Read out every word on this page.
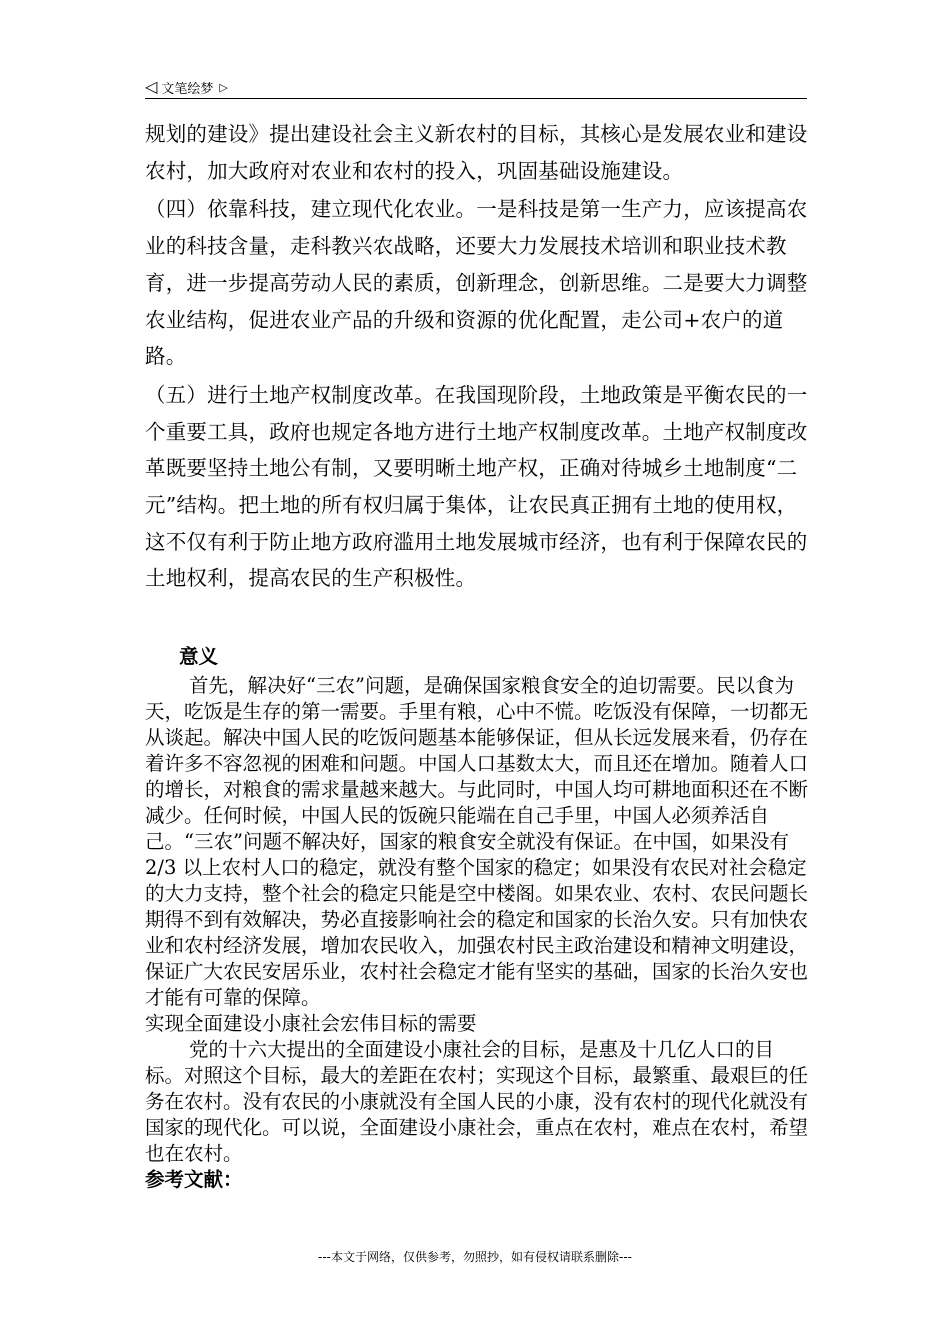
◁ 文笔绘梦 ▷

规划的建设》提出建设社会主义新农村的目标，其核心是发展农业和建设农村，加大政府对农业和农村的投入，巩固基础设施建设。

（四）依靠科技，建立现代化农业。一是科技是第一生产力，应该提高农业的科技含量，走科教兴农战略，还要大力发展技术培训和职业技术教育，进一步提高劳动人民的素质，创新理念，创新思维。二是要大力调整农业结构，促进农业产品的升级和资源的优化配置，走公司+农户的道路。

（五）进行土地产权制度改革。在我国现阶段，土地政策是平衡农民的一个重要工具，政府也规定各地方进行土地产权制度改革。土地产权制度改革既要坚持土地公有制，又要明晰土地产权，正确对待城乡土地制度“二元”结构。把土地的所有权归属于集体，让农民真正拥有土地的使用权，这不仅有利于防止地方政府滥用土地发展城市经济，也有利于保障农民的土地权利，提高农民的生产积极性。

意义

首先，解决好“三农”问题，是确保国家粮食安全的迫切需要。民以食为天，吃饭是生存的第一需要。手里有粮，心中不慌。吃饭没有保障，一切都无从谈起。解决中国人民的吃饭问题基本能够保证，但从长远发展来看，仍存在着许多不容忽视的困难和问题。中国人口基数太大，而且还在增加。随着人口的增长，对粮食的需求量越来越大。与此同时，中国人均可耕地面积还在不断减少。任何时候，中国人民的饭碗只能端在自己手里，中国人必须养活自己。“三农”问题不解决好，国家的粮食安全就没有保证。在中国，如果没有 2/3 以上农村人口的稳定，就没有整个国家的稳定；如果没有农民对社会稳定的大力支持，整个社会的稳定只能是空中楼阁。如果农业、农村、农民问题长期得不到有效解决，势必直接影响社会的稳定和国家的长治久安。只有加快农业和农村经济发展，增加农民收入，加强农村民主政治建设和精神文明建设，保证广大农民安居乐业，农村社会稳定才能有坚实的基础，国家的长治久安也才能有可靠的保障。

实现全面建设小康社会宏伟目标的需要

党的十六大提出的全面建设小康社会的目标，是惠及十几亿人口的目标。对照这个目标，最大的差距在农村；实现这个目标，最繁重、最艰巨的任务在农村。没有农民的小康就没有全国人民的小康，没有农村的现代化就没有国家的现代化。可以说，全面建设小康社会，重点在农村，难点在农村，希望也在农村。

参考文献：

---本文于网络，仅供参考，勿照抄，如有侵权请联系删除---
